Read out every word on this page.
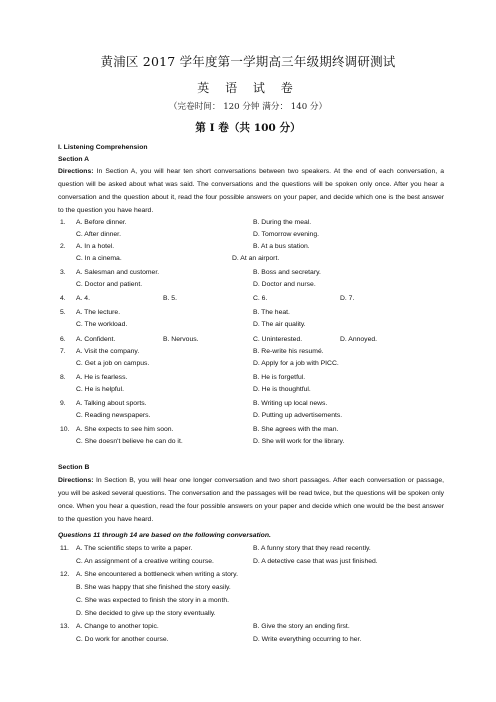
黄浦区 2017 学年度第一学期高三年级期终调研测试
英 语 试 卷
（完卷时间： 120 分钟 满分： 140 分）
第 I 卷（共 100 分）
I. Listening Comprehension
Section A
Directions: In Section A, you will hear ten short conversations between two speakers. At the end of each conversation, a question will be asked about what was said. The conversations and the questions will be spoken only once. After you hear a conversation and the question about it, read the four possible answers on your paper, and decide which one is the best answer to the question you have heard.
1. A. Before dinner.	B. During the meal.
C. After dinner.	D. Tomorrow evening.
2. A. In a hotel.	B. At a bus station.
C. In a cinema.	D. At an airport.
3. A. Salesman and customer.	B. Boss and secretary.
C. Doctor and patient.	D. Doctor and nurse.
4. A. 4.	B. 5.	C. 6.	D. 7.
5. A. The lecture.	B. The heat.
C. The workload.	D. The air quality.
6. A. Confident.	B. Nervous.	C. Uninterested.	D. Annoyed.
7. A. Visit the company.	B. Re-write his resumé.
C. Get a job on campus.	D. Apply for a job with PICC.
8. A. He is fearless.	B. He is forgetful.
C. He is helpful.	D. He is thoughtful.
9. A. Talking about sports.	B. Writing up local news.
C. Reading newspapers.	D. Putting up advertisements.
10. A. She expects to see him soon.	B. She agrees with the man.
C. She doesn't believe he can do it.	D. She will work for the library.
Section B
Directions: In Section B, you will hear one longer conversation and two short passages. After each conversation or passage, you will be asked several questions. The conversation and the passages will be read twice, but the questions will be spoken only once. When you hear a question, read the four possible answers on your paper and decide which one would be the best answer to the question you have heard.
Questions 11 through 14 are based on the following conversation.
11. A. The scientific steps to write a paper.	B. A funny story that they read recently.
C. An assignment of a creative writing course.	D. A detective case that was just finished.
12. A. She encountered a bottleneck when writing a story.
B. She was happy that she finished the story easily.
C. She was expected to finish the story in a month.
D. She decided to give up the story eventually.
13. A. Change to another topic.	B. Give the story an ending first.
C. Do work for another course.	D. Write everything occurring to her.
